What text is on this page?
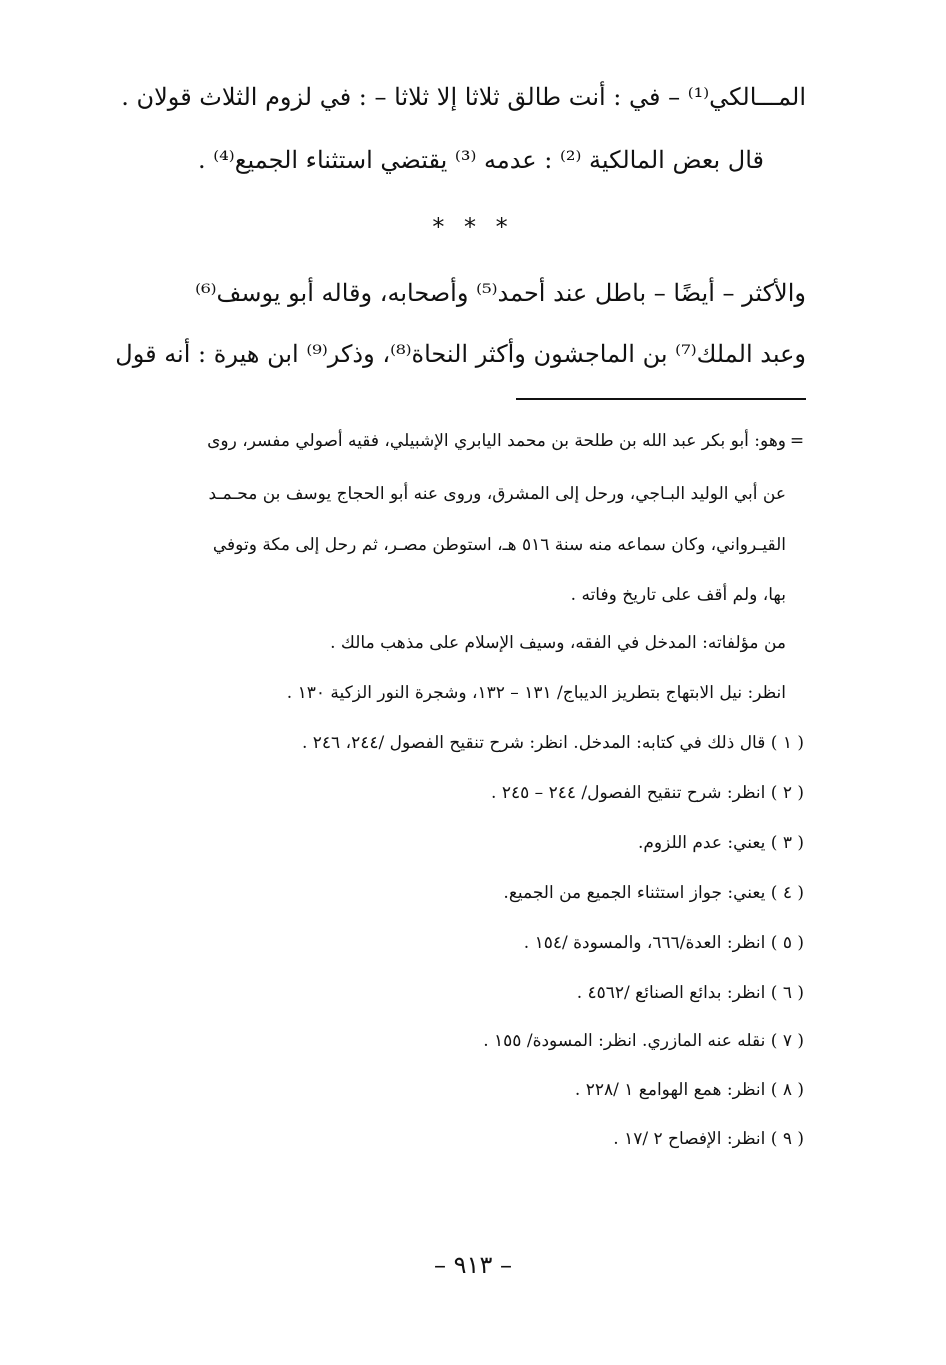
المـــالكي⁽¹⁾ – في : أنت طالق ثلاثا إلا ثلاثا – : في لزوم الثلاث قولان .
قال بعض المالكية ⁽²⁾ : عدمه ⁽³⁾ يقتضي استثناء الجميع⁽⁴⁾ .
* * *
والأكثر – أيضًا – باطل عند أحمد⁽⁵⁾ وأصحابه، وقاله أبو يوسف⁽⁶⁾
وعبد الملك⁽⁷⁾ بن الماجشون وأكثر النحاة⁽⁸⁾، وذكر⁽⁹⁾ ابن هيرة : أنه قول
=
وهو: أبو بكر عبد الله بن طلحة بن محمد اليابري الإشبيلي، فقيه أصولي مفسر، روى
عن أبي الوليد البـاجي، ورحل إلى المشرق، وروى عنه أبو الحجاج يوسف بن محـمـد
القيـرواني، وكان سماعه منه سنة ٥١٦ هـ، استوطن مصـر، ثم رحل إلى مكة وتوفي
بها، ولم أقف على تاريخ وفاته .
من مؤلفاته: المدخل في الفقه، وسيف الإسلام على مذهب مالك .
انظر: نيل الابتهاج بتطريز الديباج/ ١٣١ – ١٣٢، وشجرة النور الزكية ١٣٠ .
( ١ ) قال ذلك في كتابه: المدخل. انظر: شرح تنقيح الفصول /٢٤٤، ٢٤٦ .
( ٢ ) انظر: شرح تنقيح الفصول/ ٢٤٤ – ٢٤٥ .
( ٣ ) يعني: عدم اللزوم.
( ٤ ) يعني: جواز استثناء الجميع من الجميع.
( ٥ ) انظر: العدة/٦٦٦، والمسودة /١٥٤ .
( ٦ ) انظر: بدائع الصنائع /٤٥٦٢ .
( ٧ ) نقله عنه المازري. انظر: المسودة/ ١٥٥ .
( ٨ ) انظر: همع الهوامع ١ /٢٢٨ .
( ٩ ) انظر: الإفصاح ٢ /١٧ .
– ٩١٣ –
